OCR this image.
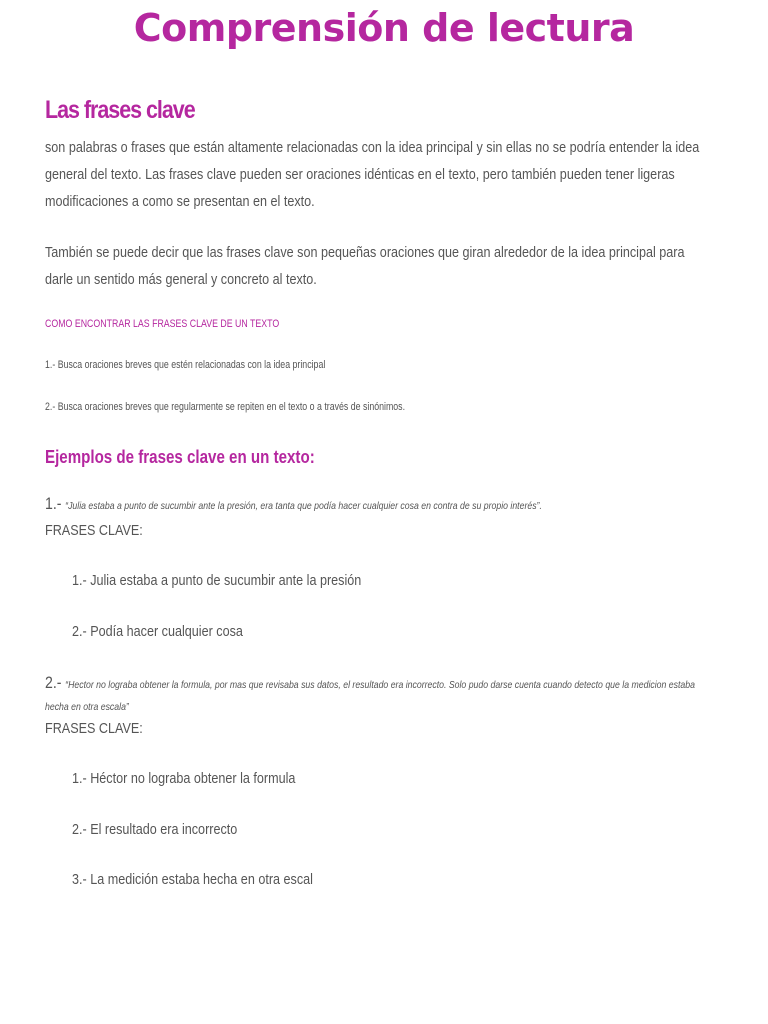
Comprensión de lectura
Las frases clave

son palabras o frases que están altamente relacionadas con la idea principal y sin ellas no se podría entender la idea general del texto. Las frases clave pueden ser oraciones idénticas en el texto, pero también pueden tener ligeras modificaciones a como se presentan en el texto.

También se puede decir que las frases clave son pequeñas oraciones que giran alrededor de la idea principal para darle un sentido más general y concreto al texto.

COMO ENCONTRAR LAS FRASES CLAVE DE UN TEXTO

1.- Busca oraciones breves que estén relacionadas con la idea principal

2.- Busca oraciones breves que regularmente se repiten en el texto o a través de sinónimos.

Ejemplos de frases clave en un texto:

1.- “Julia estaba a punto de sucumbir ante la presión, era tanta que podía hacer cualquier cosa en contra de su propio interés”.

FRASES CLAVE:

1.- Julia estaba a punto de sucumbir ante la presión

2.- Podía hacer cualquier cosa

2.- “Hector no lograba obtener la formula, por mas que revisaba sus datos, el resultado era incorrecto. Solo pudo darse cuenta cuando detecto que la medicion estaba hecha en otra escala”

FRASES CLAVE:

1.- Héctor no lograba obtener la formula

2.- El resultado era incorrecto

3.- La medición estaba hecha en otra escal
